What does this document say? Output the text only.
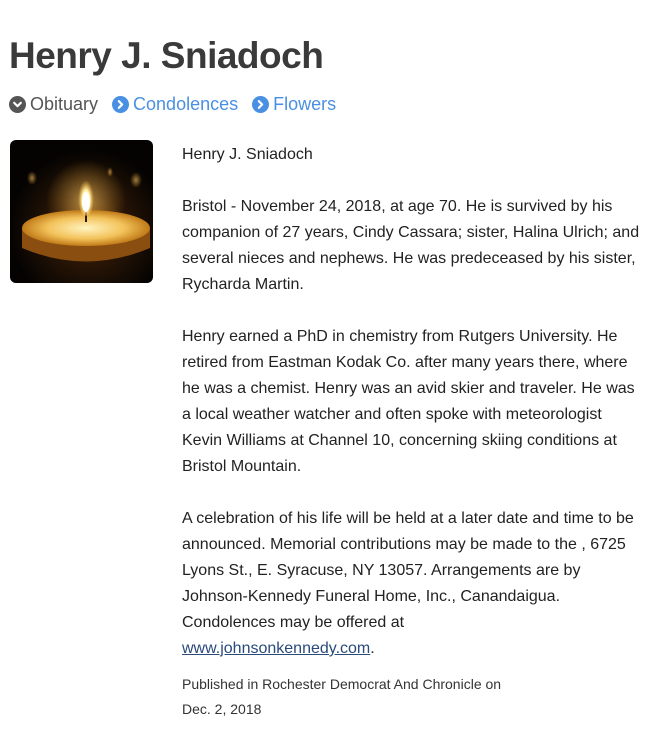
Henry J. Sniadoch
Obituary Condolences Flowers

Henry J. Sniadoch

Bristol - November 24, 2018, at age 70. He is survived by his companion of 27 years, Cindy Cassara; sister, Halina Ulrich; and several nieces and nephews. He was predeceased by his sister, Rycharda Martin.

Henry earned a PhD in chemistry from Rutgers University. He retired from Eastman Kodak Co. after many years there, where he was a chemist. Henry was an avid skier and traveler. He was a local weather watcher and often spoke with meteorologist Kevin Williams at Channel 10, concerning skiing conditions at Bristol Mountain.

A celebration of his life will be held at a later date and time to be announced. Memorial contributions may be made to the , 6725 Lyons St., E. Syracuse, NY 13057. Arrangements are by Johnson-Kennedy Funeral Home, Inc., Canandaigua. Condolences may be offered at
www.johnsonkennedy.com.

Published in Rochester Democrat And Chronicle on
Dec. 2, 2018
